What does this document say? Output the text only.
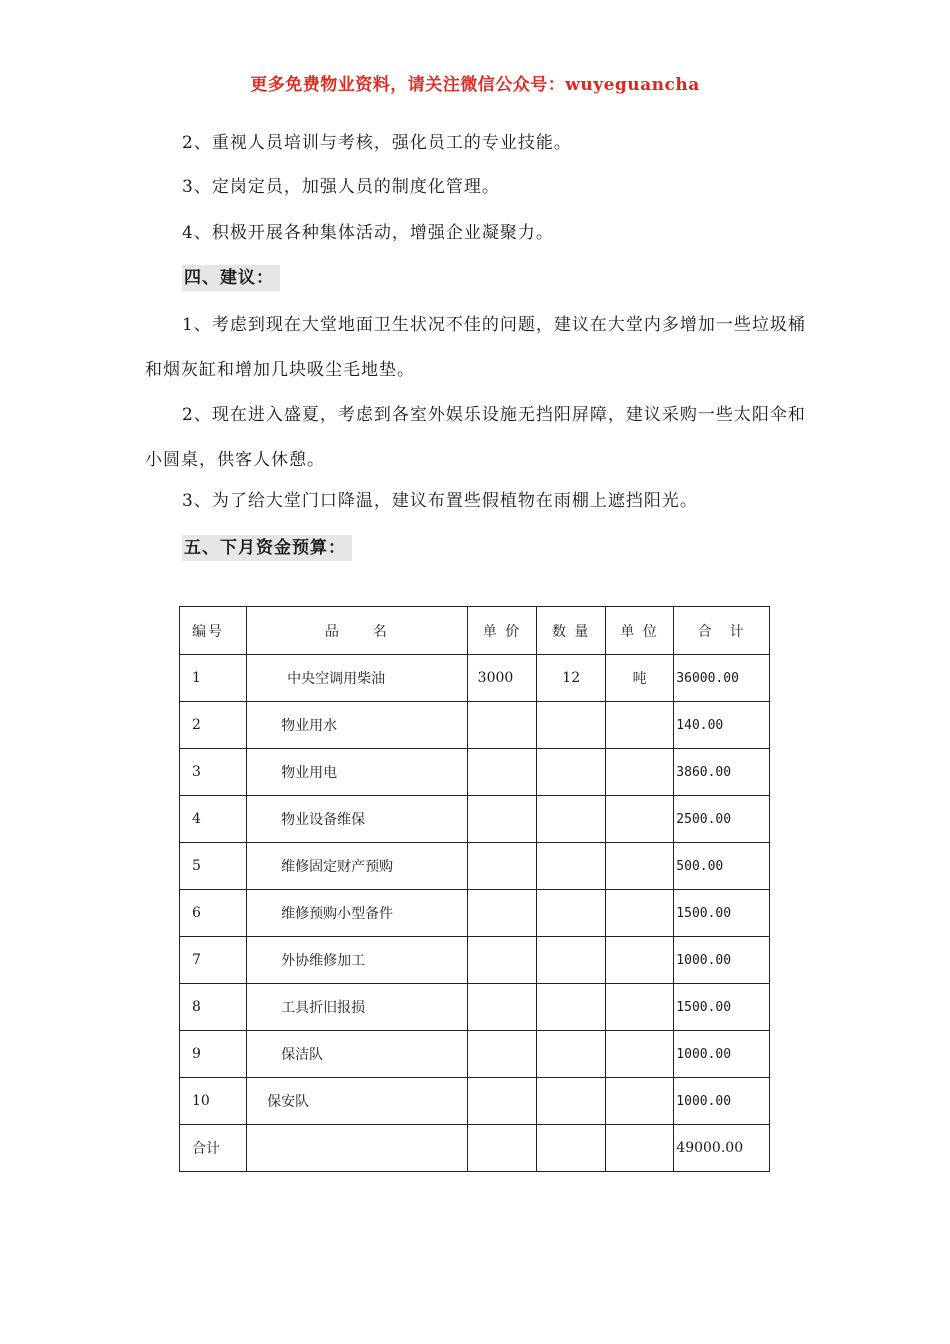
更多免费物业资料，请关注微信公众号：wuyeguancha
2、重视人员培训与考核，强化员工的专业技能。
3、定岗定员，加强人员的制度化管理。
4、积极开展各种集体活动，增强企业凝聚力。
四、建议：
1、考虑到现在大堂地面卫生状况不佳的问题，建议在大堂内多增加一些垃圾桶和烟灰缸和增加几块吸尘毛地垫。
2、现在进入盛夏，考虑到各室外娱乐设施无挡阳屏障，建议采购一些太阳伞和小圆桌，供客人休憩。
3、为了给大堂门口降温，建议布置些假植物在雨棚上遮挡阳光。
五、下月资金预算：
编号	品　　名	单 价	数 量	单 位	合　计
1	中央空调用柴油	3000	12	吨	36000.00
2	物业用水				140.00
3	物业用电				3860.00
4	物业设备维保				2500.00
5	维修固定财产预购				500.00
6	维修预购小型备件				1500.00
7	外协维修加工				1000.00
8	工具折旧报损				1500.00
9	保洁队				1000.00
10	保安队				1000.00
合计					49000.00
